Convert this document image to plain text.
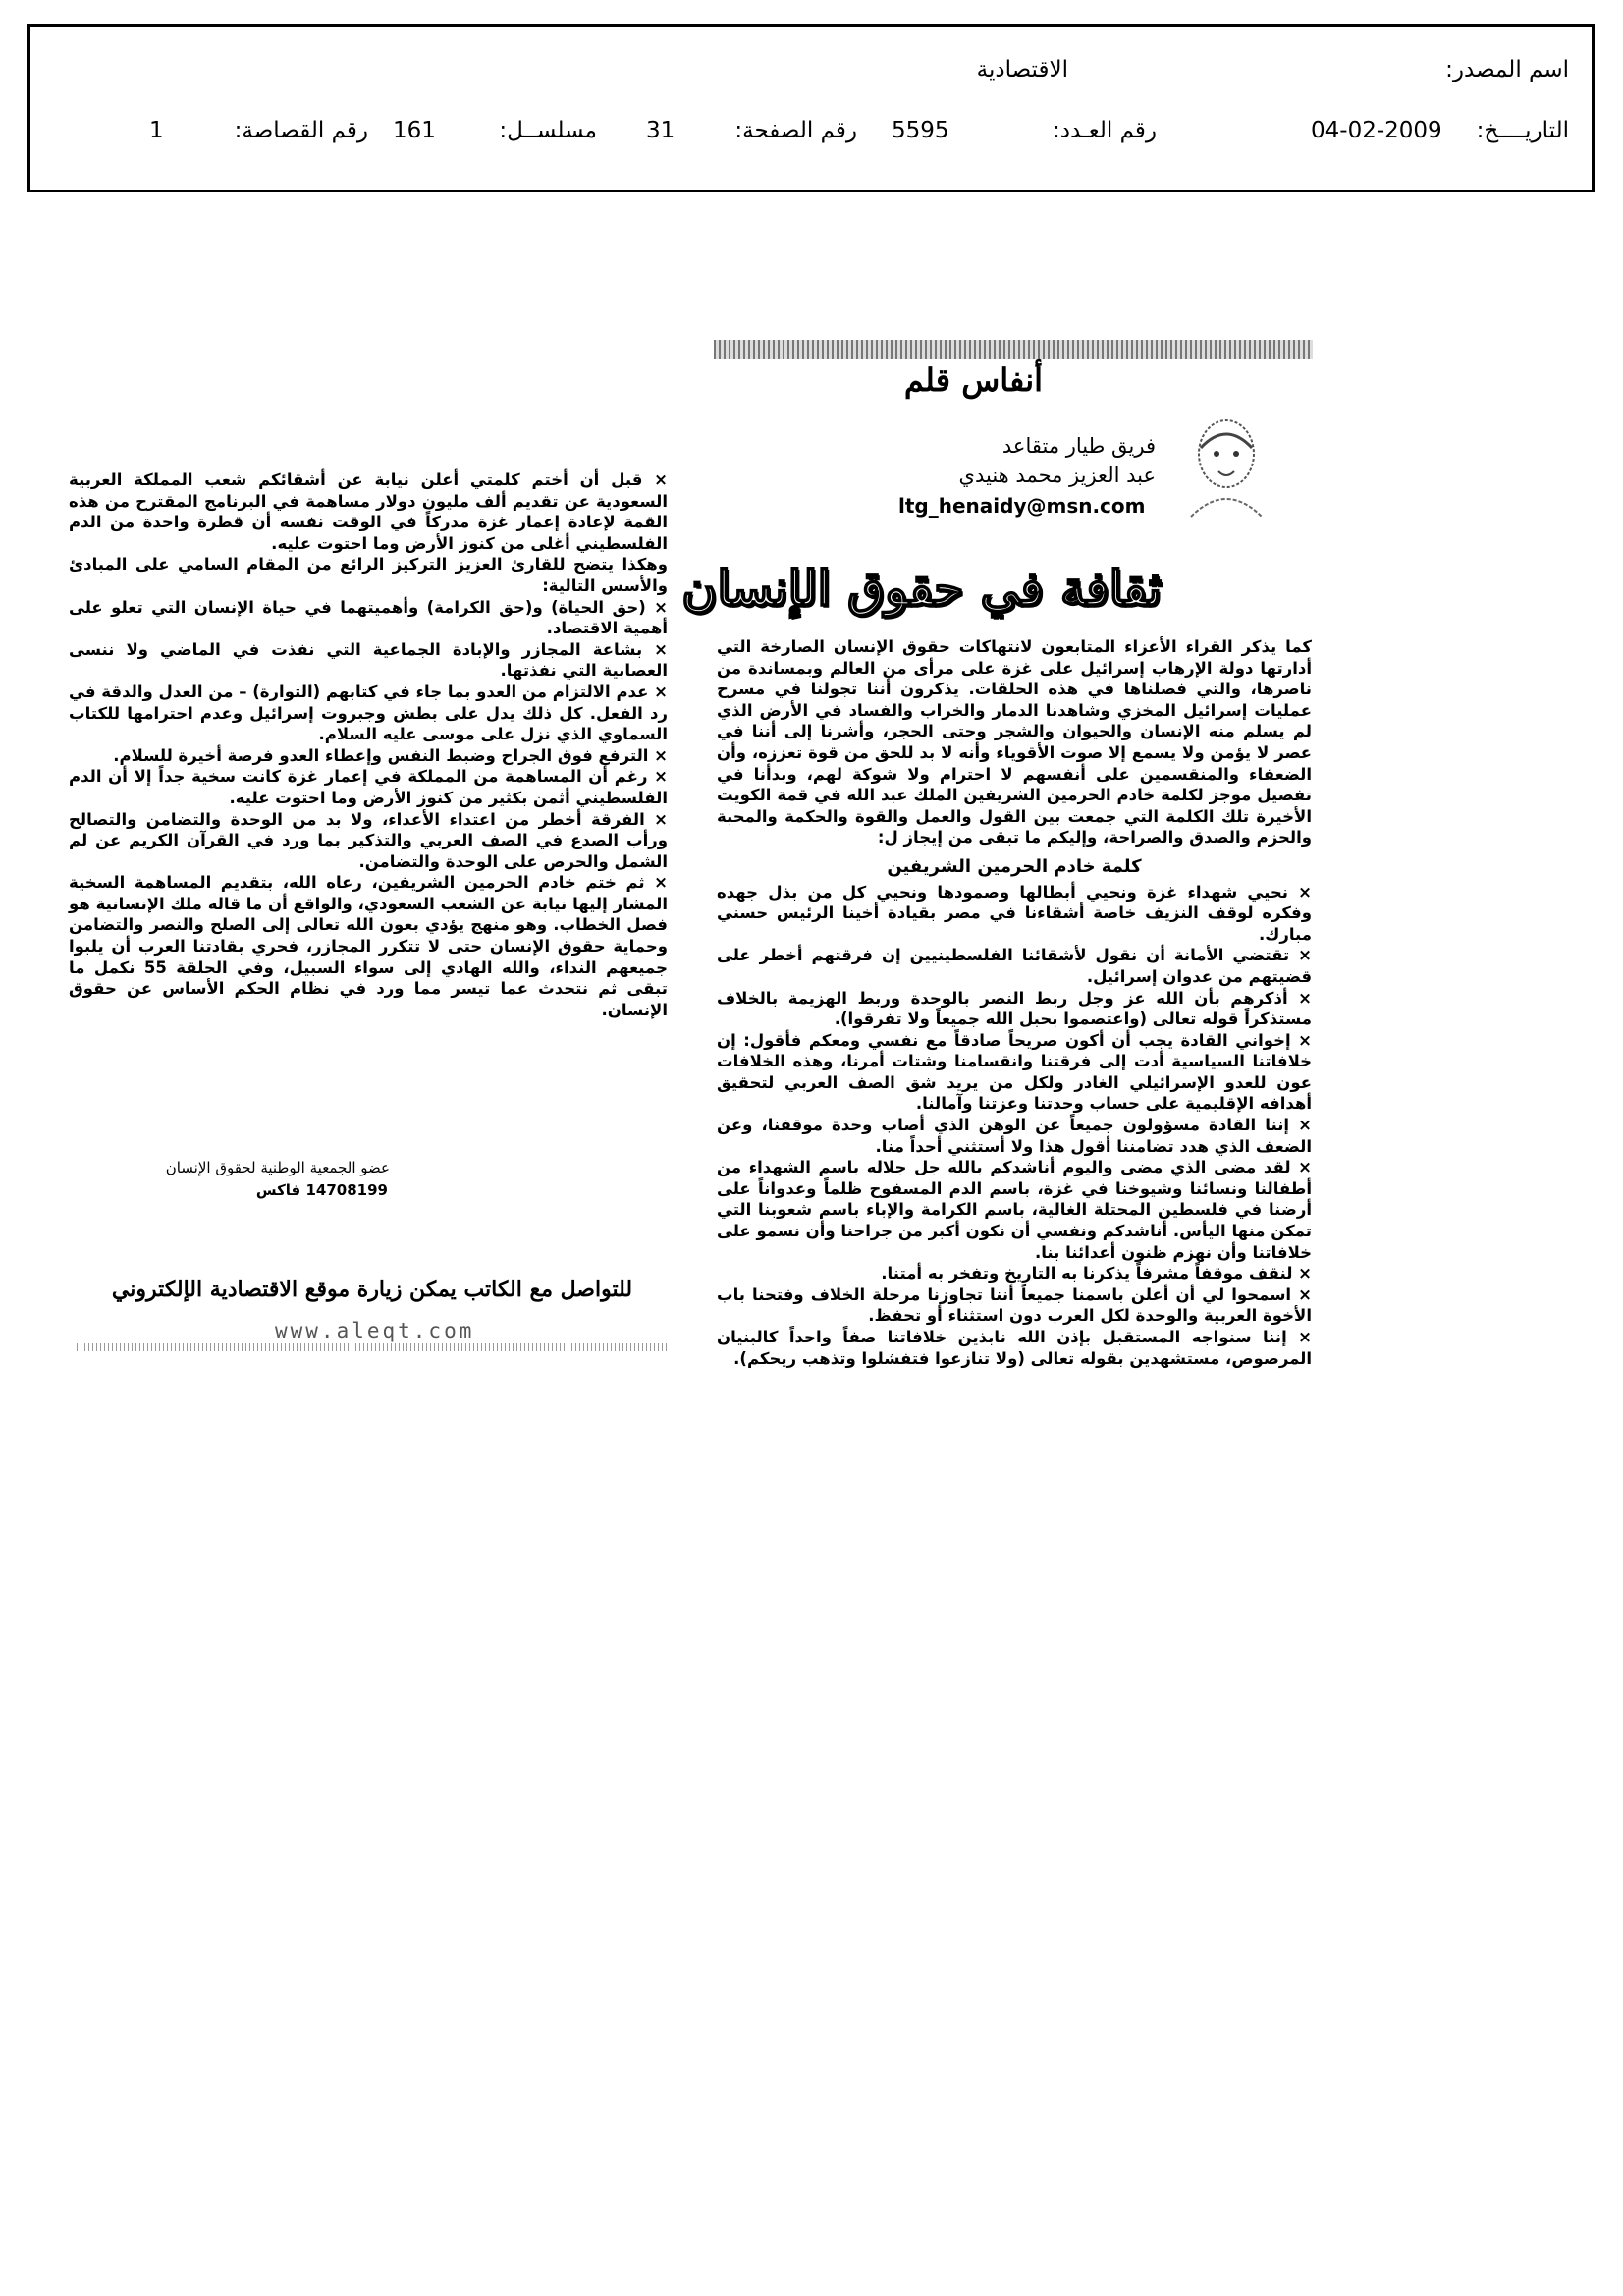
اسم المصدر:
الاقتصادية
التاريــــخ:
04-02-2009
رقم العـدد:
5595
رقم الصفحة:
31
مسلســل:
161
رقم القصاصة:
1
أنفاس قلم
فريق طيار متقاعد
عبد العزيز محمد هنيدي
ltg_henaidy@msn.com
ثقافة في حقوق الإنسان

كما يذكر القراء الأعزاء المتابعون لانتهاكات حقوق الإنسان الصارخة التي أدارتها دولة الإرهاب إسرائيل على غزة على مرأى من العالم وبمساندة من ناصرها، والتي فصلناها في هذه الحلقات. يذكرون أننا تجولنا في مسرح عمليات إسرائيل المخزي وشاهدنا الدمار والخراب والفساد في الأرض الذي لم يسلم منه الإنسان والحيوان والشجر وحتى الحجر، وأشرنا إلى أننا في عصر لا يؤمن ولا يسمع إلا صوت الأقوياء وأنه لا بد للحق من قوة تعززه، وأن الضعفاء والمنقسمين على أنفسهم لا احترام ولا شوكة لهم، وبدأنا في تفصيل موجز لكلمة خادم الحرمين الشريفين الملك عبد الله في قمة الكويت الأخيرة تلك الكلمة التي جمعت بين القول والعمل والقوة والحكمة والمحبة والحزم والصدق والصراحة، وإليكم ما تبقى من إيجاز ل:

كلمة خادم الحرمين الشريفين

× نحيي شهداء غزة ونحيي أبطالها وصمودها ونحيي كل من بذل جهده وفكره لوقف النزيف خاصة أشقاءنا في مصر بقيادة أخينا الرئيس حسني مبارك.

× تقتضي الأمانة أن نقول لأشقائنا الفلسطينيين إن فرقتهم أخطر على قضيتهم من عدوان إسرائيل.

× أذكرهم بأن الله عز وجل ربط النصر بالوحدة وربط الهزيمة بالخلاف مستذكراً قوله تعالى (واعتصموا بحبل الله جميعاً ولا تفرقوا).

× إخواني القادة يجب أن أكون صريحاً صادقاً مع نفسي ومعكم فأقول: إن خلافاتنا السياسية أدت إلى فرقتنا وانقسامنا وشتات أمرنا، وهذه الخلافات عون للعدو الإسرائيلي الغادر ولكل من يريد شق الصف العربي لتحقيق أهدافه الإقليمية على حساب وحدتنا وعزتنا وآمالنا.

× إننا القادة مسؤولون جميعاً عن الوهن الذي أصاب وحدة موقفنا، وعن الضعف الذي هدد تضامننا أقول هذا ولا أستثني أحداً منا.

× لقد مضى الذي مضى واليوم أناشدكم بالله جل جلاله باسم الشهداء من أطفالنا ونسائنا وشيوخنا في غزة، باسم الدم المسفوح ظلماً وعدواناً على أرضنا في فلسطين المحتلة الغالية، باسم الكرامة والإباء باسم شعوبنا التي تمكن منها اليأس. أناشدكم ونفسي أن نكون أكبر من جراحنا وأن نسمو على خلافاتنا وأن نهزم ظنون أعدائنا بنا.

× لنقف موقفاً مشرفاً يذكرنا به التاريخ وتفخر به أمتنا.

× اسمحوا لي أن أعلن باسمنا جميعاً أننا تجاوزنا مرحلة الخلاف وفتحنا باب الأخوة العربية والوحدة لكل العرب دون استثناء أو تحفظ.

× إننا سنواجه المستقبل بإذن الله نابذين خلافاتنا صفاً واحداً كالبنيان المرصوص، مستشهدين بقوله تعالى (ولا تنازعوا فتفشلوا وتذهب ريحكم).

× قبل أن أختم كلمتي أعلن نيابة عن أشقائكم شعب المملكة العربية السعودية عن تقديم ألف مليون دولار مساهمة في البرنامج المقترح من هذه القمة لإعادة إعمار غزة مدركاً في الوقت نفسه أن قطرة واحدة من الدم الفلسطيني أغلى من كنوز الأرض وما احتوت عليه.

وهكذا يتضح للقارئ العزيز التركيز الرائع من المقام السامي على المبادئ والأسس التالية:

× (حق الحياة) و(حق الكرامة) وأهميتهما في حياة الإنسان التي تعلو على أهمية الاقتصاد.

× بشاعة المجازر والإبادة الجماعية التي نفذت في الماضي ولا ننسى العصابية التي نفذتها.

× عدم الالتزام من العدو بما جاء في كتابهم (التوارة) – من العدل والدقة في رد الفعل. كل ذلك يدل على بطش وجبروت إسرائيل وعدم احترامها للكتاب السماوي الذي نزل على موسى عليه السلام.

× الترفع فوق الجراح وضبط النفس وإعطاء العدو فرصة أخيرة للسلام.

× رغم أن المساهمة من المملكة في إعمار غزة كانت سخية جداً إلا أن الدم الفلسطيني أثمن بكثير من كنوز الأرض وما احتوت عليه.

× الفرقة أخطر من اعتداء الأعداء، ولا بد من الوحدة والتضامن والتصالح ورأب الصدع في الصف العربي والتذكير بما ورد في القرآن الكريم عن لم الشمل والحرص على الوحدة والتضامن.

× ثم ختم خادم الحرمين الشريفين، رعاه الله، بتقديم المساهمة السخية المشار إليها نيابة عن الشعب السعودي، والواقع أن ما قاله ملك الإنسانية هو فصل الخطاب. وهو منهج يؤدي بعون الله تعالى إلى الصلح والنصر والتضامن وحماية حقوق الإنسان حتى لا تتكرر المجازر، فحري بقادتنا العرب أن يلبوا جميعهم النداء، والله الهادي إلى سواء السبيل، وفي الحلقة 55 نكمل ما تبقى ثم نتحدث عما تيسر مما ورد في نظام الحكم الأساس عن حقوق الإنسان.

عضو الجمعية الوطنية لحقوق الإنسان
فاكس 14708199
للتواصل مع الكاتب يمكن زيارة موقع الاقتصادية الإلكتروني
www.aleqt.com
